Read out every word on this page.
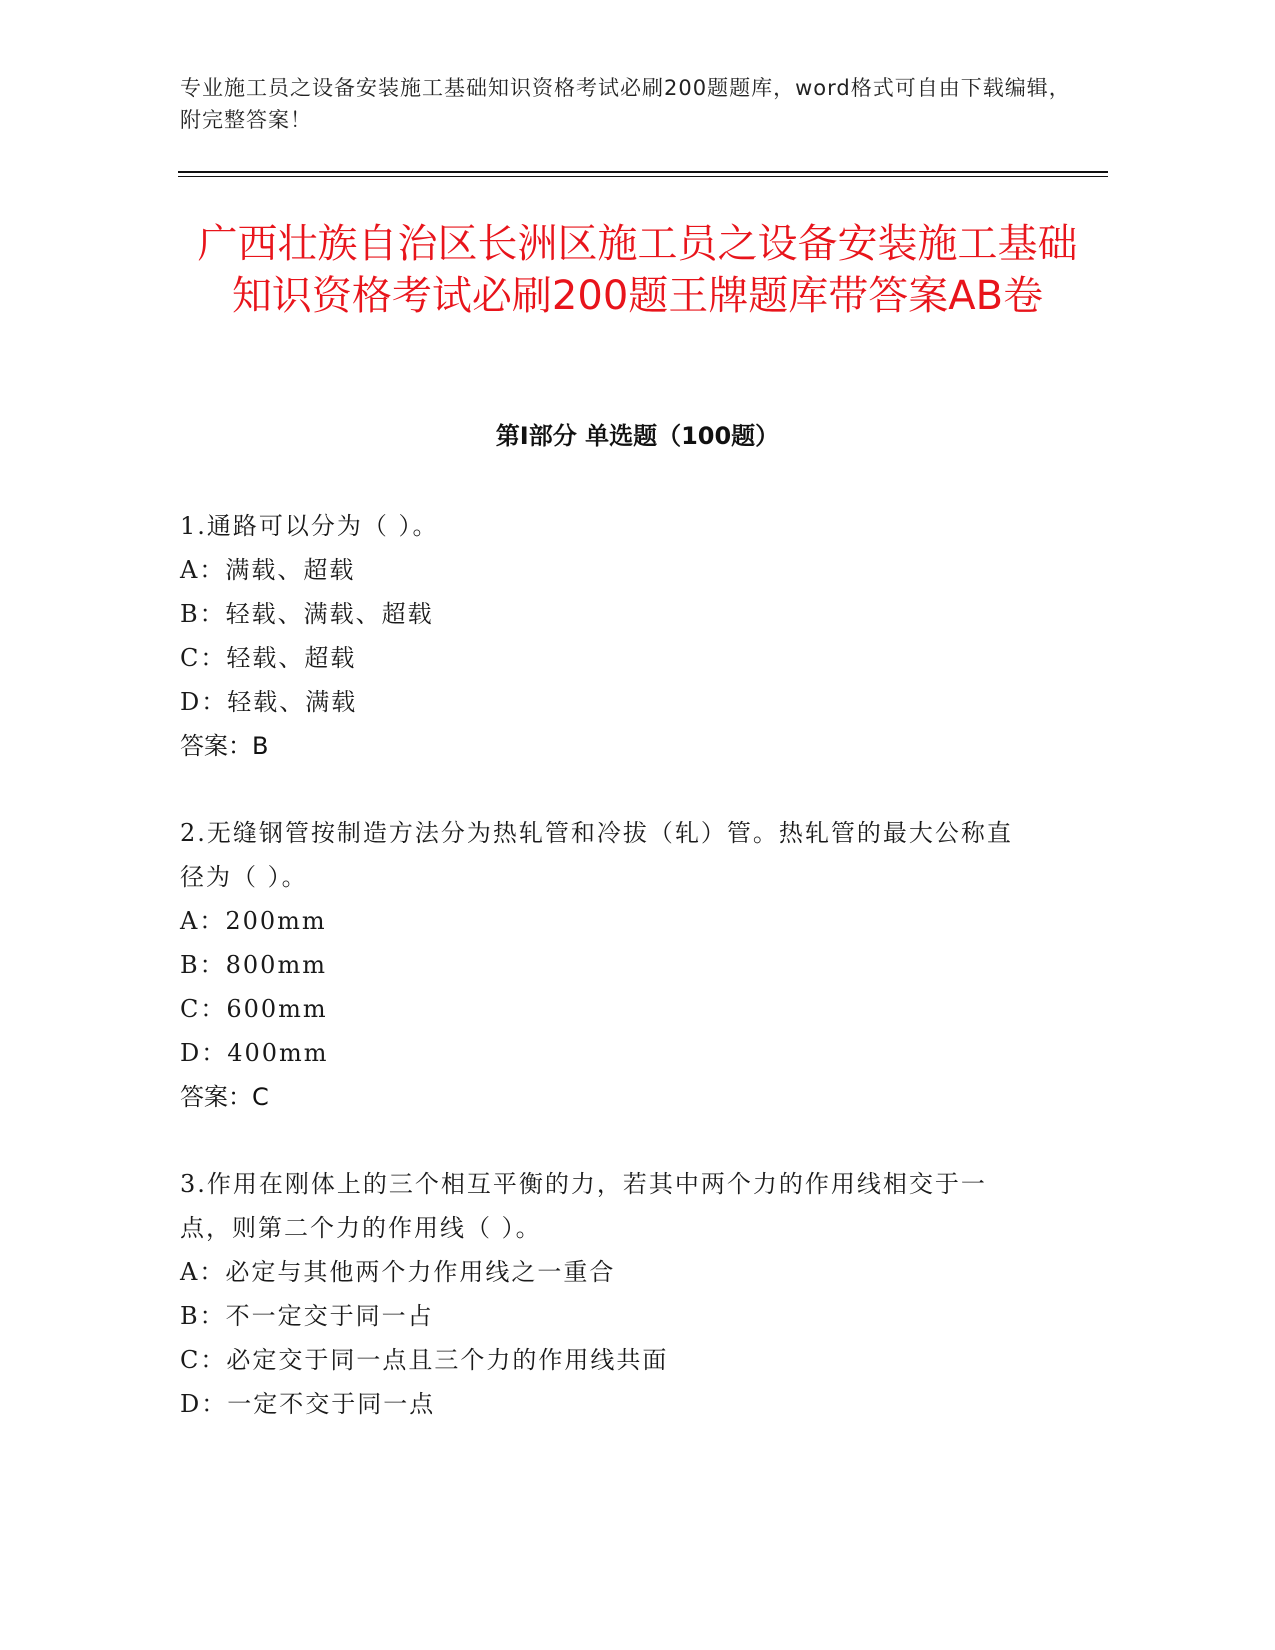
专业施工员之设备安装施工基础知识资格考试必刷200题题库，word格式可自由下载编辑，附完整答案！
广西壮族自治区长洲区施工员之设备安装施工基础知识资格考试必刷200题王牌题库带答案AB卷
第Ⅰ部分 单选题（100题）

1.通路可以分为（ ）。

A：满载、超载

B：轻载、满载、超载

C：轻载、超载

D：轻载、满载

答案：B

2.无缝钢管按制造方法分为热轧管和冷拔（轧）管。热轧管的最大公称直径为（ ）。

A：200mm

B：800mm

C：600mm

D：400mm

答案：C

3.作用在刚体上的三个相互平衡的力，若其中两个力的作用线相交于一点，则第二个力的作用线（ ）。

A：必定与其他两个力作用线之一重合

B：不一定交于同一占

C：必定交于同一点且三个力的作用线共面

D：一定不交于同一点
